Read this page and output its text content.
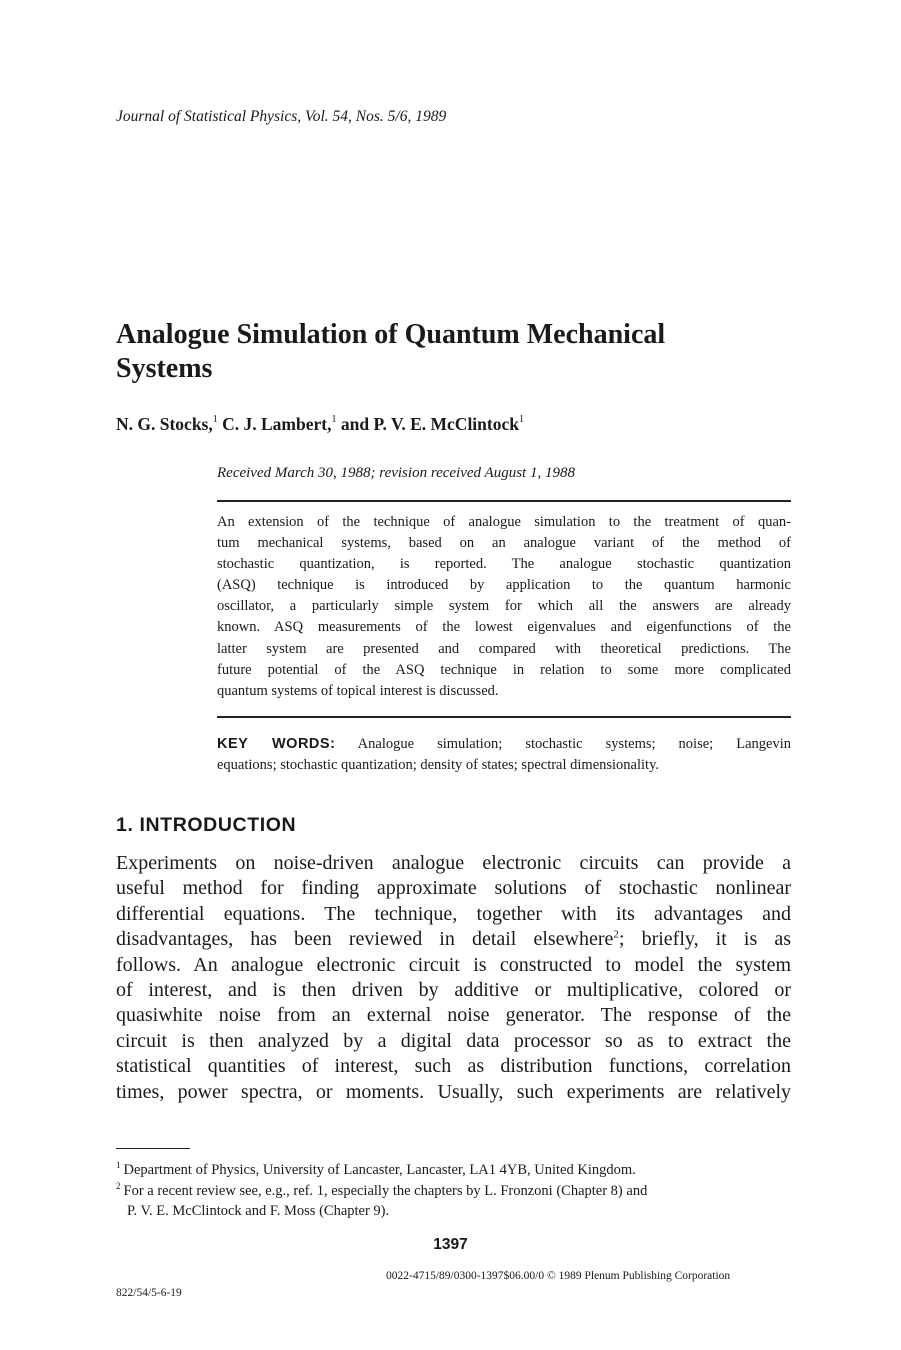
Journal of Statistical Physics, Vol. 54, Nos. 5/6, 1989
Analogue Simulation of Quantum Mechanical
Systems
N. G. Stocks,$^1$ C. J. Lambert,$^1$ and P. V. E. McClintock$^1$
Received March 30, 1988; revision received August 1, 1988
An extension of the technique of analogue simulation to the treatment of quan-
tum mechanical systems, based on an analogue variant of the method of
stochastic quantization, is reported. The analogue stochastic quantization
(ASQ) technique is introduced by application to the quantum harmonic
oscillator, a particularly simple system for which all the answers are already
known. ASQ measurements of the lowest eigenvalues and eigenfunctions of the
latter system are presented and compared with theoretical predictions. The
future potential of the ASQ technique in relation to some more complicated
quantum systems of topical interest is discussed.
KEY WORDS: Analogue simulation; stochastic systems; noise; Langevin
equations; stochastic quantization; density of states; spectral dimensionality.
1. INTRODUCTION
Experiments on noise-driven analogue electronic circuits can provide a
useful method for finding approximate solutions of stochastic nonlinear
differential equations. The technique, together with its advantages and
disadvantages, has been reviewed in detail elsewhere$^2$; briefly, it is as
follows. An analogue electronic circuit is constructed to model the system
of interest, and is then driven by additive or multiplicative, colored or
quasiwhite noise from an external noise generator. The response of the
circuit is then analyzed by a digital data processor so as to extract the
statistical quantities of interest, such as distribution functions, correlation
times, power spectra, or moments. Usually, such experiments are relatively
$^1$ Department of Physics, University of Lancaster, Lancaster, LA1 4YB, United Kingdom.
$^2$ For a recent review see, e.g., ref. 1, especially the chapters by L. Fronzoni (Chapter 8) and
P. V. E. McClintock and F. Moss (Chapter 9).
1397
0022-4715/89/0300-1397$06.00/0 © 1989 Plenum Publishing Corporation
822/54/5-6-19
